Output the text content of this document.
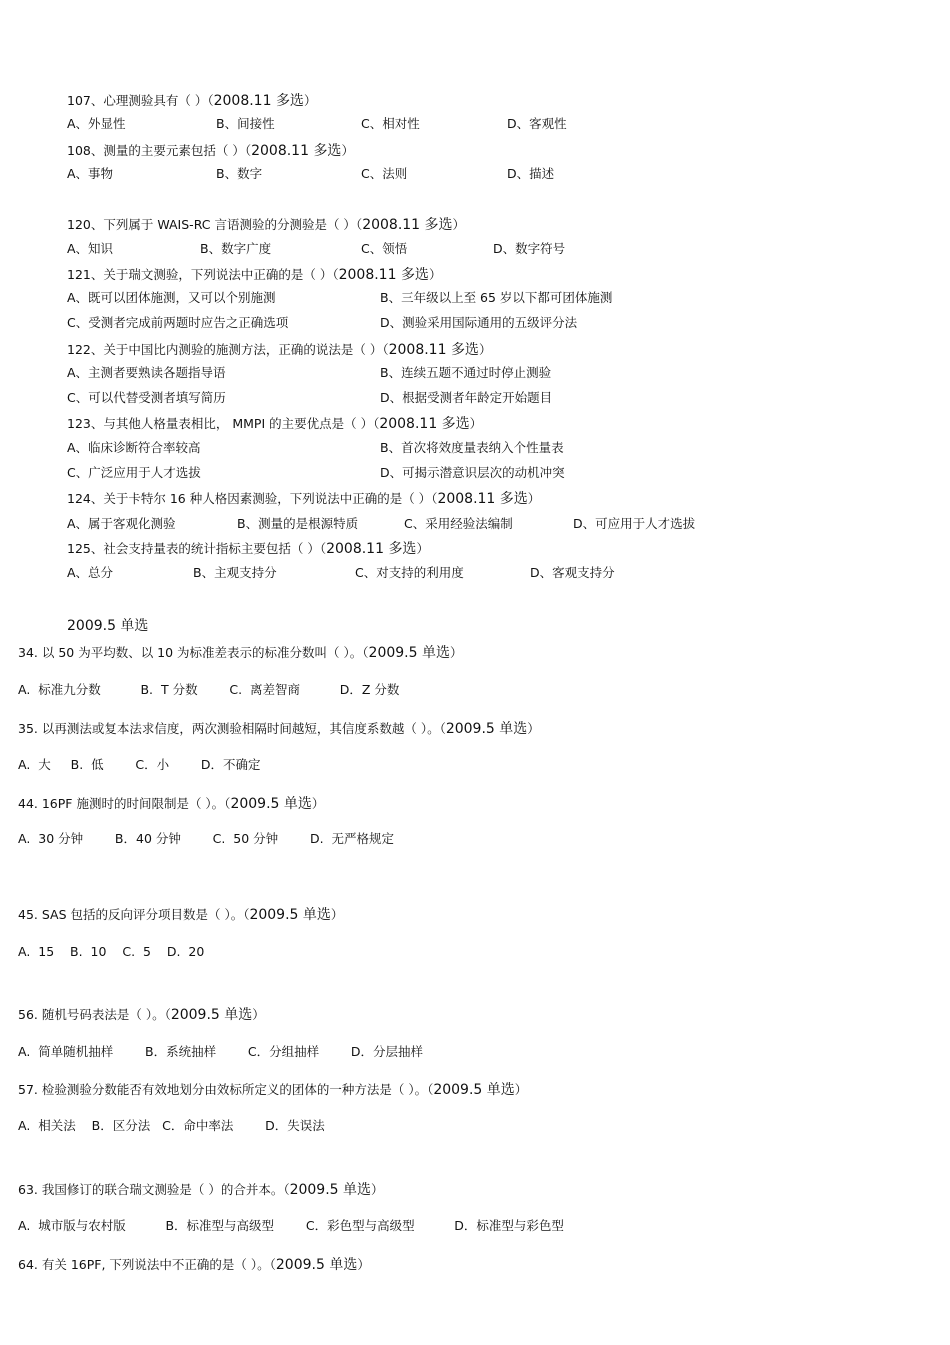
107、心理测验具有（ ）（2008.11 多选）
A、外显性	B、间接性	C、相对性	D、客观性
108、测量的主要元素包括（ ）（2008.11 多选）
A、事物	B、数字	C、法则	D、描述
120、下列属于 WAIS-RC 言语测验的分测验是（ ）（2008.11 多选）
A、知识	B、数字广度	C、领悟	D、数字符号
121、关于瑞文测验，下列说法中正确的是（ ）（2008.11 多选）
A、既可以团体施测，又可以个别施测	B、三年级以上至 65 岁以下都可团体施测
C、受测者完成前两题时应告之正确选项	D、测验采用国际通用的五级评分法
122、关于中国比内测验的施测方法，正确的说法是（ ）（2008.11 多选）
A、主测者要熟读各题指导语	B、连续五题不通过时停止测验
C、可以代替受测者填写简历	D、根据受测者年龄定开始题目
123、与其他人格量表相比， MMPI 的主要优点是（ ）（2008.11 多选）
A、临床诊断符合率较高	B、首次将效度量表纳入个性量表
C、广泛应用于人才选拔	D、可揭示潜意识层次的动机冲突
124、关于卡特尔 16 种人格因素测验，下列说法中正确的是（ ）（2008.11 多选）
A、属于客观化测验	B、测量的是根源特质	C、采用经验法编制	D、可应用于人才选拔
125、社会支持量表的统计指标主要包括（ ）（2008.11 多选）
A、总分	B、主观支持分	C、对支持的利用度	D、客观支持分
2009.5 单选
34. 以 50 为平均数、以 10 为标准差表示的标准分数叫（ ）。（2009.5 单选）
A.  标准九分数          B.  T 分数        C.  离差智商          D．Z 分数
35. 以再测法或复本法求信度，两次测验相隔时间越短，其信度系数越（ ）。（2009.5 单选）
A.  大     B.  低        C．小        D．不确定
44. 16PF 施测时的时间限制是（ ）。（2009.5 单选）
A.  30 分钟        B．40 分钟        C.  50 分钟        D.  无严格规定
45. SAS 包括的反向评分项目数是（ ）。（2009.5 单选）
A.  15    B.  10    C.  5    D.  20
56. 随机号码表法是（ ）。（2009.5 单选）
A.  简单随机抽样        B．系统抽样        C．分组抽样        D．分层抽样
57. 检验测验分数能否有效地划分由效标所定义的团体的一种方法是（ ）。（2009.5 单选）
A.  相关法    B．区分法   C．命中率法        D．失误法
63. 我国修订的联合瑞文测验是（ ）的合并本。（2009.5 单选）
A.  城市版与农村版          B．标准型与高级型        C．彩色型与高级型          D．标准型与彩色型
64. 有关 16PF, 下列说法中不正确的是（ ）。（2009.5 单选）
